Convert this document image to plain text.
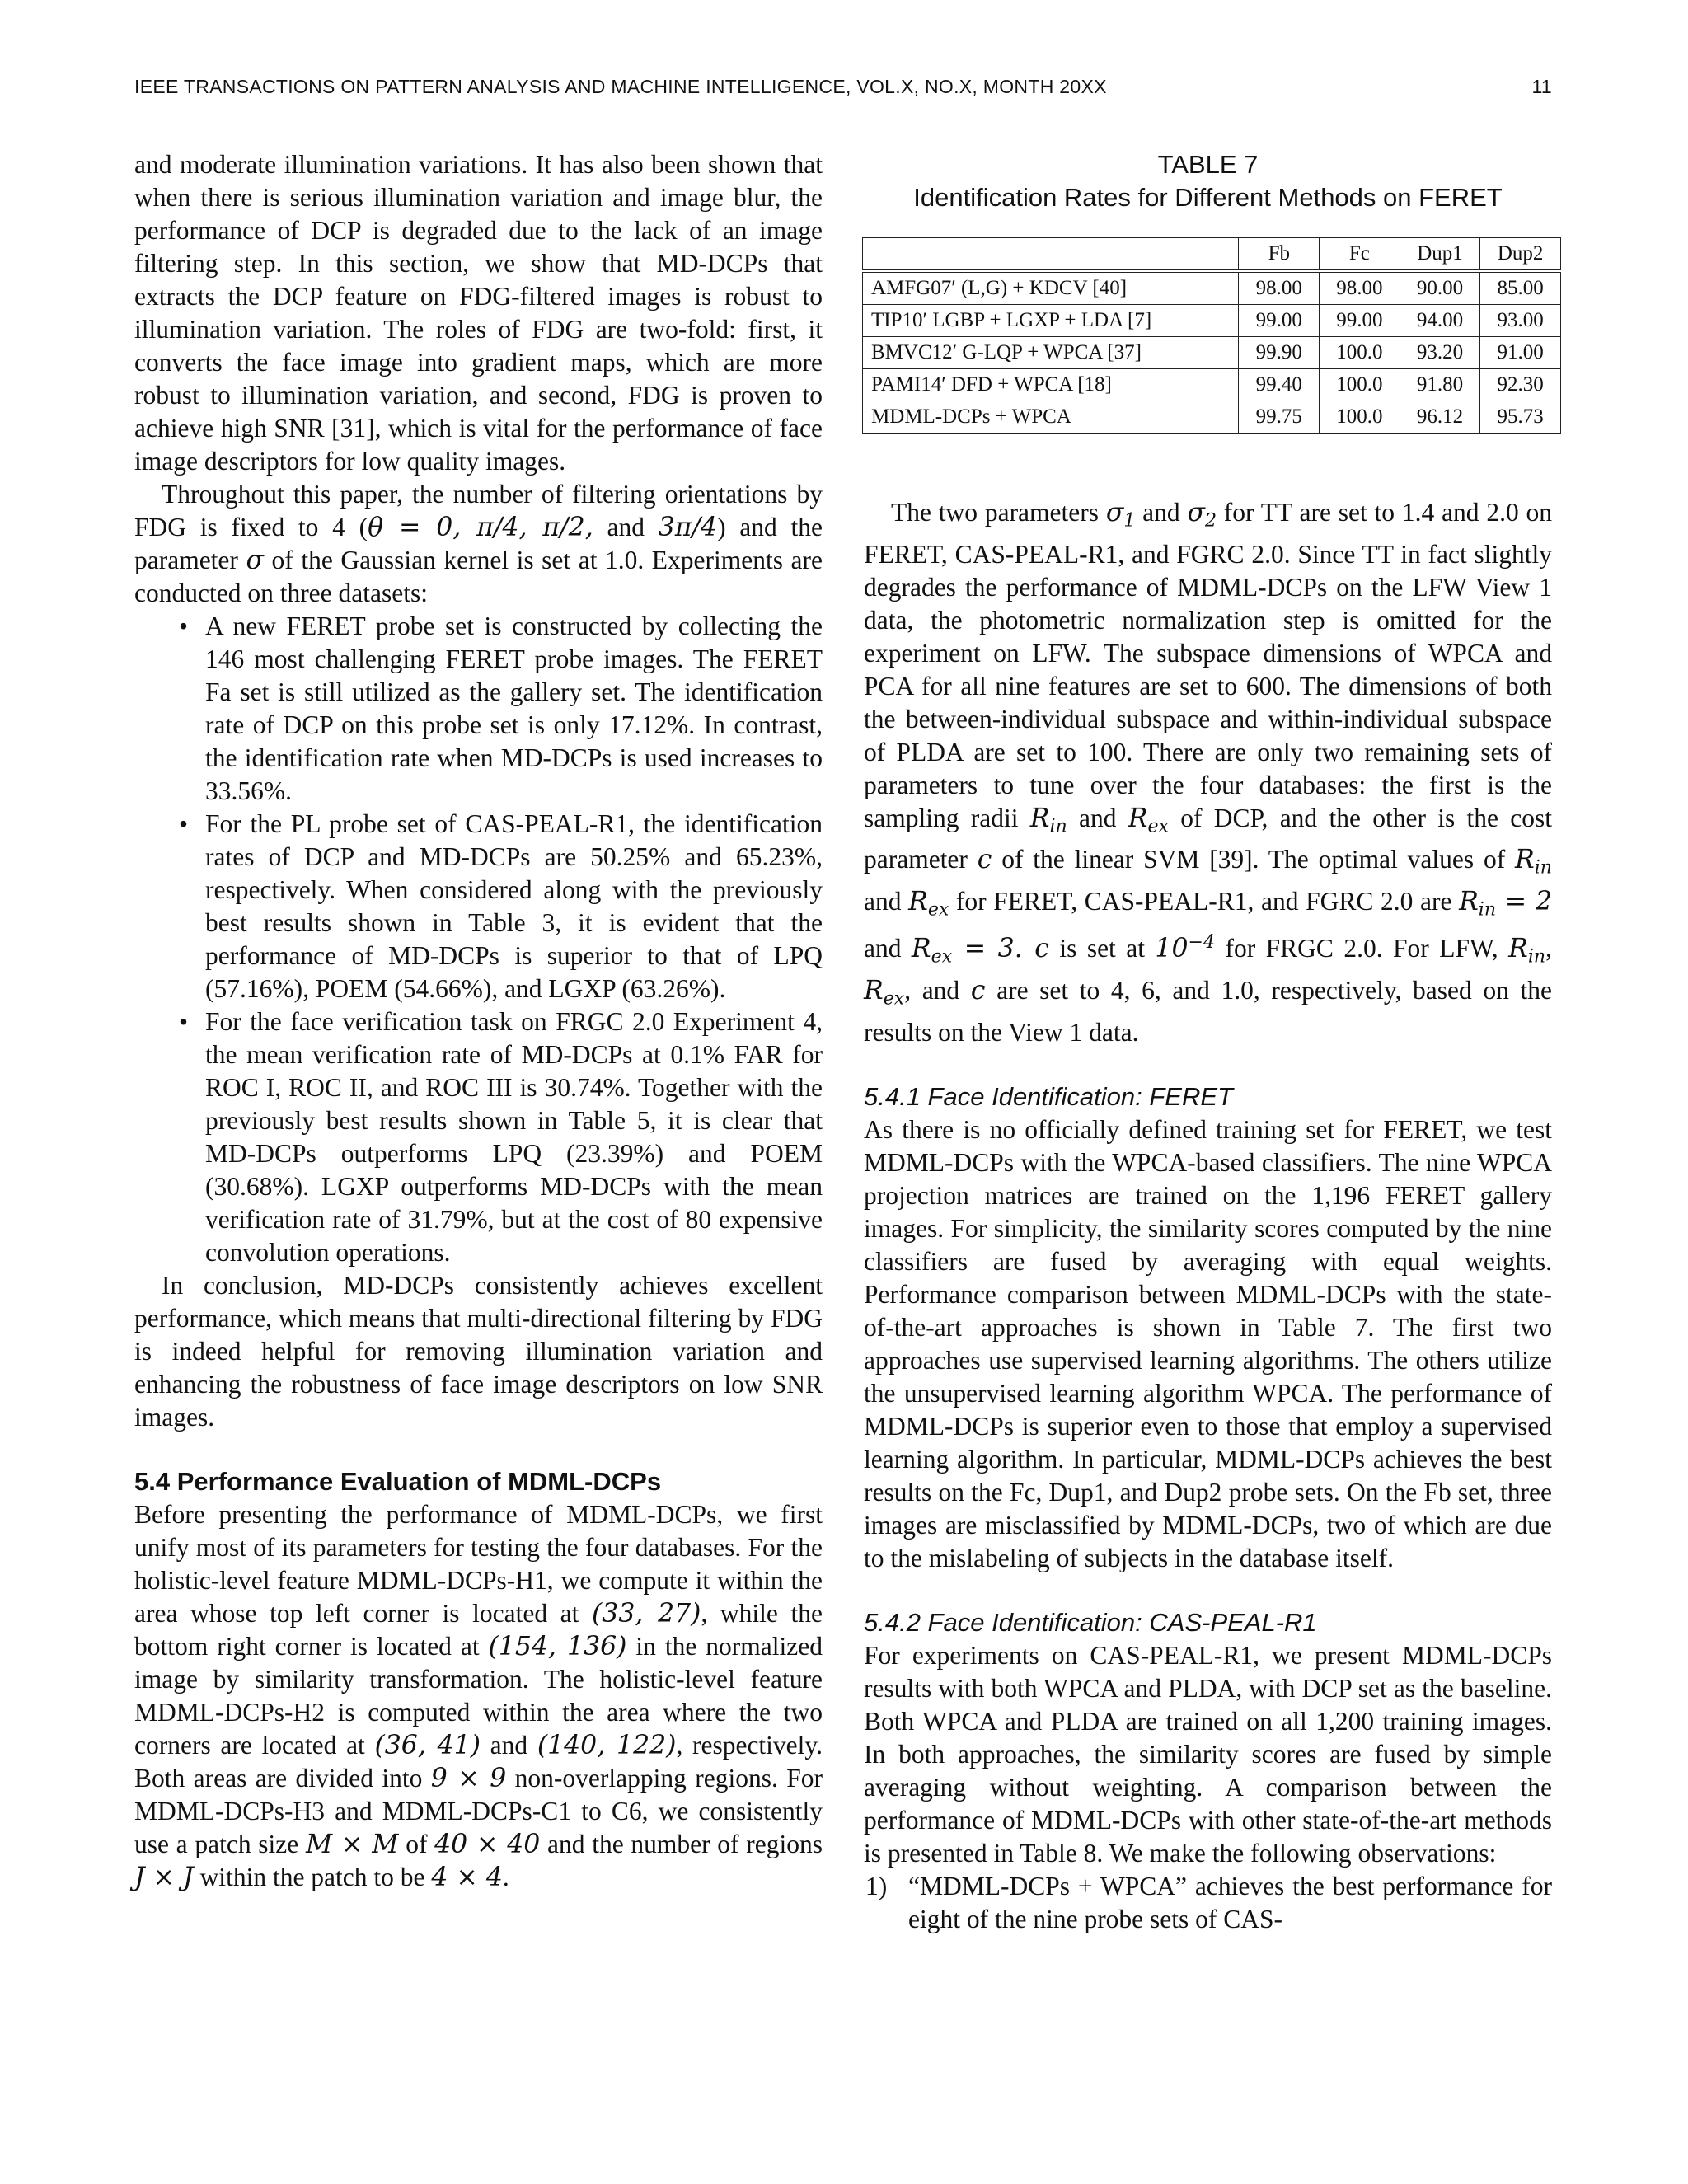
IEEE TRANSACTIONS ON PATTERN ANALYSIS AND MACHINE INTELLIGENCE, VOL.X, NO.X, MONTH 20XX	11

and moderate illumination variations. It has also been shown that when there is serious illumination variation and image blur, the performance of DCP is degraded due to the lack of an image filtering step. In this section, we show that MD-DCPs that extracts the DCP feature on FDG-filtered images is robust to illumination variation. The roles of FDG are two-fold: first, it converts the face image into gradient maps, which are more robust to illumination variation, and second, FDG is proven to achieve high SNR [31], which is vital for the performance of face image descriptors for low quality images.

Throughout this paper, the number of filtering orientations by FDG is fixed to 4 (θ = 0, π/4, π/2, and 3π/4) and the parameter σ of the Gaussian kernel is set at 1.0. Experiments are conducted on three datasets:

• A new FERET probe set is constructed by collecting the 146 most challenging FERET probe images. The FERET Fa set is still utilized as the gallery set. The identification rate of DCP on this probe set is only 17.12%. In contrast, the identification rate when MD-DCPs is used increases to 33.56%.
• For the PL probe set of CAS-PEAL-R1, the identification rates of DCP and MD-DCPs are 50.25% and 65.23%, respectively. When considered along with the previously best results shown in Table 3, it is evident that the performance of MD-DCPs is superior to that of LPQ (57.16%), POEM (54.66%), and LGXP (63.26%).
• For the face verification task on FRGC 2.0 Experiment 4, the mean verification rate of MD-DCPs at 0.1% FAR for ROC I, ROC II, and ROC III is 30.74%. Together with the previously best results shown in Table 5, it is clear that MD-DCPs outperforms LPQ (23.39%) and POEM (30.68%). LGXP outperforms MD-DCPs with the mean verification rate of 31.79%, but at the cost of 80 expensive convolution operations.

In conclusion, MD-DCPs consistently achieves excellent performance, which means that multi-directional filtering by FDG is indeed helpful for removing illumination variation and enhancing the robustness of face image descriptors on low SNR images.

5.4 Performance Evaluation of MDML-DCPs

Before presenting the performance of MDML-DCPs, we first unify most of its parameters for testing the four databases. For the holistic-level feature MDML-DCPs-H1, we compute it within the area whose top left corner is located at (33, 27), while the bottom right corner is located at (154, 136) in the normalized image by similarity transformation. The holistic-level feature MDML-DCPs-H2 is computed within the area where the two corners are located at (36, 41) and (140, 122), respectively. Both areas are divided into 9 × 9 non-overlapping regions. For MDML-DCPs-H3 and MDML-DCPs-C1 to C6, we consistently use a patch size M × M of 40 × 40 and the number of regions J × J within the patch to be 4 × 4.

TABLE 7
Identification Rates for Different Methods on FERET
	Fb	Fc	Dup1	Dup2
AMFG07′ (L,G) + KDCV [40]	98.00	98.00	90.00	85.00
TIP10′ LGBP + LGXP + LDA [7]	99.00	99.00	94.00	93.00
BMVC12′ G-LQP + WPCA [37]	99.90	100.0	93.20	91.00
PAMI14′ DFD + WPCA [18]	99.40	100.0	91.80	92.30
MDML-DCPs + WPCA	99.75	100.0	96.12	95.73

The two parameters $\sigma_1$ and $\sigma_2$ for TT are set to 1.4 and 2.0 on FERET, CAS-PEAL-R1, and FGRC 2.0. Since TT in fact slightly degrades the performance of MDML-DCPs on the LFW View 1 data, the photometric normalization step is omitted for the experiment on LFW. The subspace dimensions of WPCA and PCA for all nine features are set to 600. The dimensions of both the between-individual subspace and within-individual subspace of PLDA are set to 100. There are only two remaining sets of parameters to tune over the four databases: the first is the sampling radii $R_{in}$ and $R_{ex}$ of DCP, and the other is the cost parameter c of the linear SVM [39]. The optimal values of $R_{in}$ and $R_{ex}$ for FERET, CAS-PEAL-R1, and FGRC 2.0 are $R_{in} = 2$ and $R_{ex} = 3$. c is set at $10^{-4}$ for FRGC 2.0. For LFW, $R_{in}$, $R_{ex}$, and c are set to 4, 6, and 1.0, respectively, based on the results on the View 1 data.

5.4.1 Face Identification: FERET

As there is no officially defined training set for FERET, we test MDML-DCPs with the WPCA-based classifiers. The nine WPCA projection matrices are trained on the 1,196 FERET gallery images. For simplicity, the similarity scores computed by the nine classifiers are fused by averaging with equal weights. Performance comparison between MDML-DCPs with the state-of-the-art approaches is shown in Table 7. The first two approaches use supervised learning algorithms. The others utilize the unsupervised learning algorithm WPCA. The performance of MDML-DCPs is superior even to those that employ a supervised learning algorithm. In particular, MDML-DCPs achieves the best results on the Fc, Dup1, and Dup2 probe sets. On the Fb set, three images are misclassified by MDML-DCPs, two of which are due to the mislabeling of subjects in the database itself.

5.4.2 Face Identification: CAS-PEAL-R1

For experiments on CAS-PEAL-R1, we present MDML-DCPs results with both WPCA and PLDA, with DCP set as the baseline. Both WPCA and PLDA are trained on all 1,200 training images. In both approaches, the similarity scores are fused by simple averaging without weighting. A comparison between the performance of MDML-DCPs with other state-of-the-art methods is presented in Table 8. We make the following observations:

1) “MDML-DCPs + WPCA” achieves the best performance for eight of the nine probe sets of CAS-
